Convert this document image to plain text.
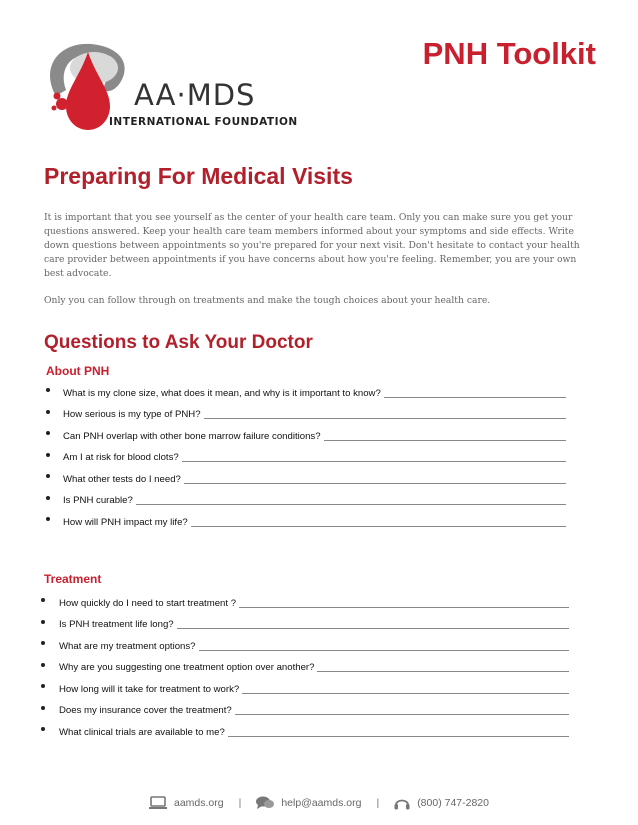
AA·MDS
INTERNATIONAL FOUNDATION
PNH Toolkit
Preparing For Medical Visits

It is important that you see yourself as the center of your health care team. Only you can make sure you get your questions answered. Keep your health care team members informed about your symptoms and side effects. Write down questions between appointments so you're prepared for your next visit. Don't hesitate to contact your health care provider between appointments if you have concerns about how you're feeling. Remember, you are your own best advocate.

Only you can follow through on treatments and make the tough choices about your health care.

Questions to Ask Your Doctor
About PNH
What is my clone size, what does it mean, and why is it important to know?
How serious is my type of PNH?
Can PNH overlap with other bone marrow failure conditions?
Am I at risk for blood clots?
What other tests do I need?
Is PNH curable?
How will PNH impact my life?
Treatment
How quickly do I need to start treatment ?
Is PNH treatment life long?
What are my treatment options?
Why are you suggesting one treatment option over another?
How long will it take for treatment to work?
Does my insurance cover the treatment?
What clinical trials are available to me?
aamds.org |	help@aamds.org |	(800) 747-2820
